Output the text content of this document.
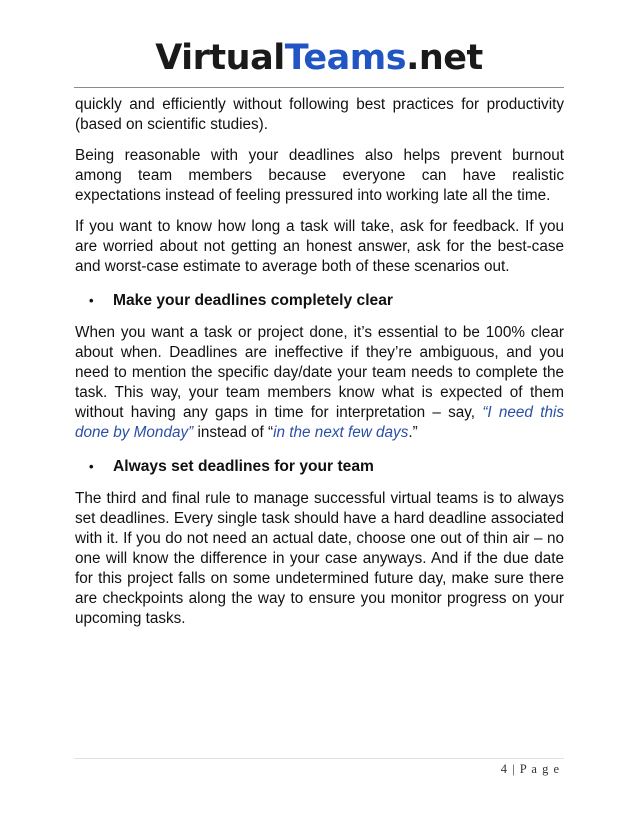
VirtualTeams.net

quickly and efficiently without following best practices for productivity (based on scientific studies).

Being reasonable with your deadlines also helps prevent burnout among team members because everyone can have realistic expectations instead of feeling pressured into working late all the time.

If you want to know how long a task will take, ask for feedback. If you are worried about not getting an honest answer, ask for the best-case and worst-case estimate to average both of these scenarios out.

•	Make your deadlines completely clear

When you want a task or project done, it’s essential to be 100% clear about when. Deadlines are ineffective if they’re ambiguous, and you need to mention the specific day/date your team needs to complete the task. This way, your team members know what is expected of them without having any gaps in time for interpretation – say, “I need this done by Monday” instead of “in the next few days.”

•	Always set deadlines for your team

The third and final rule to manage successful virtual teams is to always set deadlines. Every single task should have a hard deadline associated with it. If you do not need an actual date, choose one out of thin air – no one will know the difference in your case anyways. And if the due date for this project falls on some undetermined future day, make sure there are checkpoints along the way to ensure you monitor progress on your upcoming tasks.

4 | P a g e
